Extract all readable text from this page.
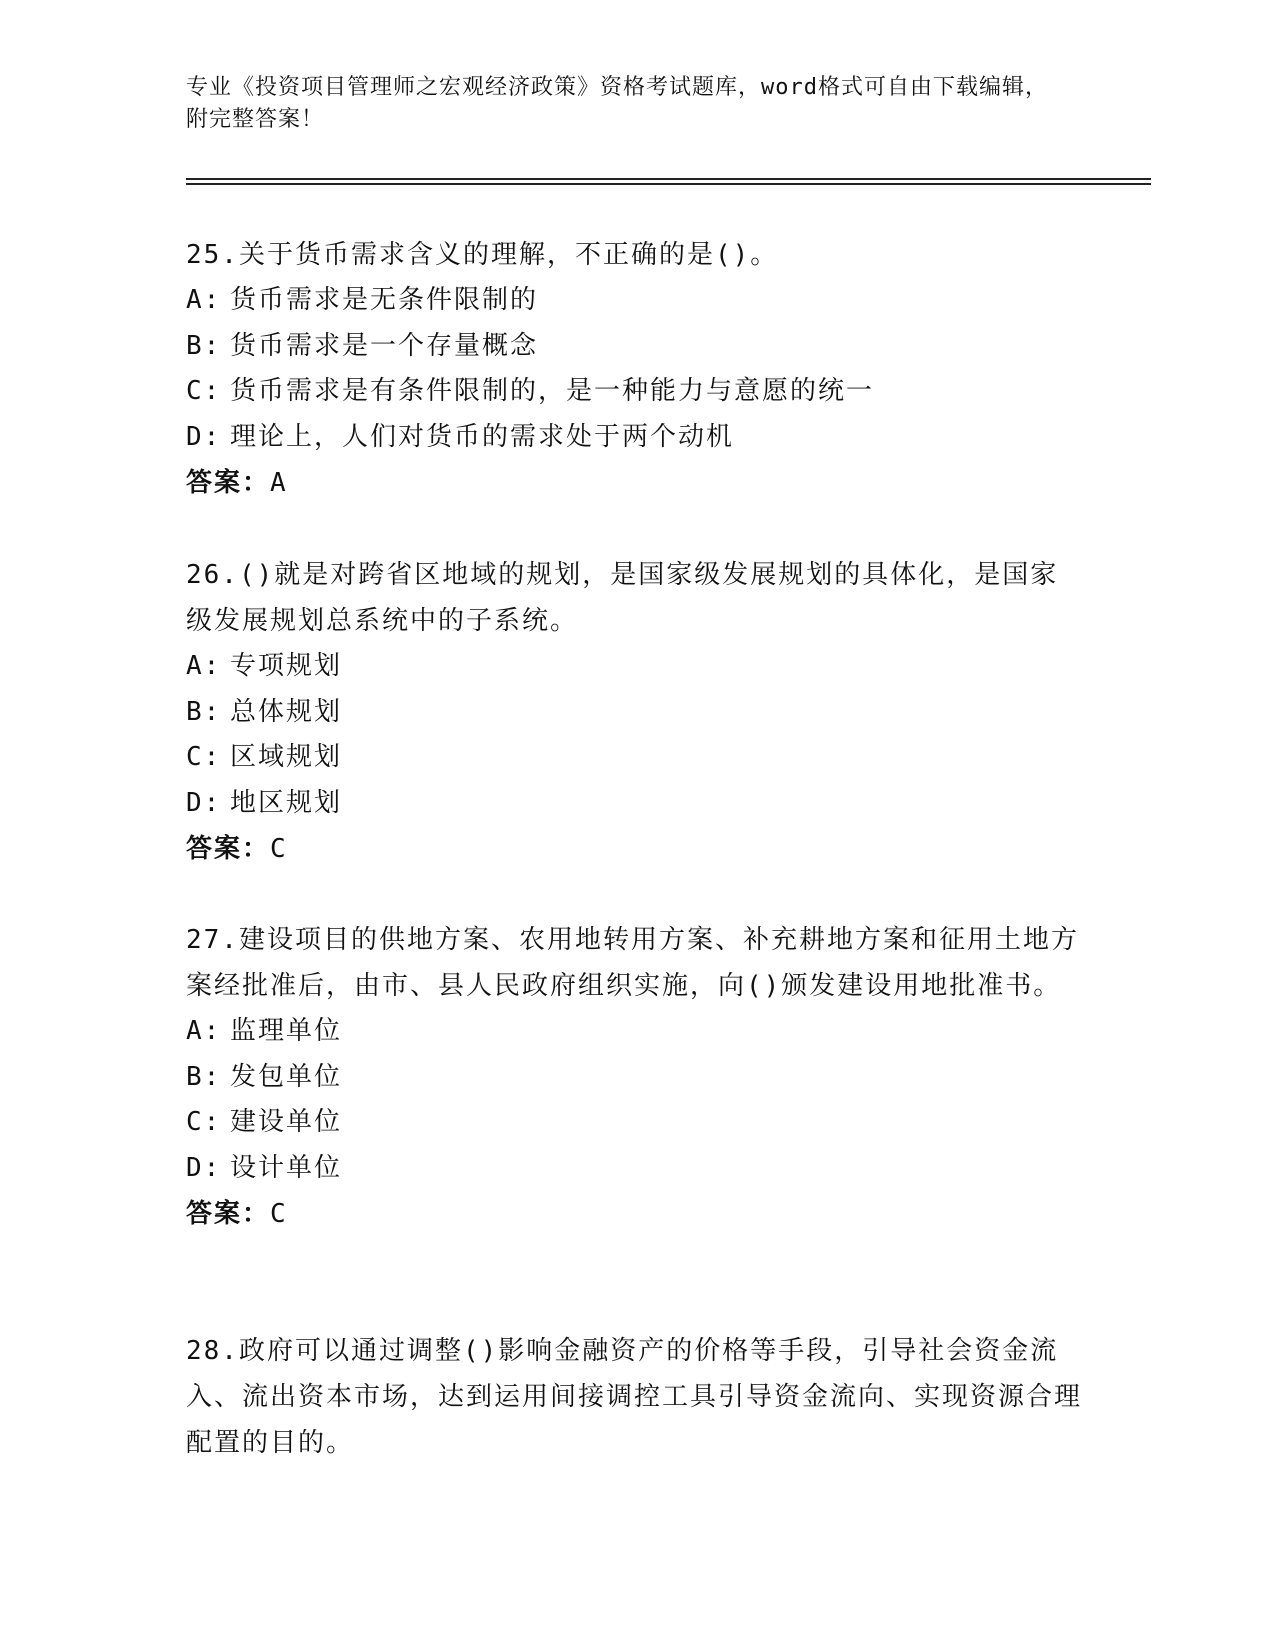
专业《投资项目管理师之宏观经济政策》资格考试题库，word格式可自由下载编辑，附完整答案！

25.关于货币需求含义的理解，不正确的是()。

A: 货币需求是无条件限制的

B: 货币需求是一个存量概念

C: 货币需求是有条件限制的，是一种能力与意愿的统一

D: 理论上，人们对货币的需求处于两个动机

答案：A

26.()就是对跨省区地域的规划，是国家级发展规划的具体化，是国家级发展规划总系统中的子系统。

A: 专项规划

B: 总体规划

C: 区域规划

D: 地区规划

答案：C

27.建设项目的供地方案、农用地转用方案、补充耕地方案和征用土地方案经批准后，由市、县人民政府组织实施，向()颁发建设用地批准书。

A: 监理单位

B: 发包单位

C: 建设单位

D: 设计单位

答案：C

28.政府可以通过调整()影响金融资产的价格等手段，引导社会资金流入、流出资本市场，达到运用间接调控工具引导资金流向、实现资源合理配置的目的。
